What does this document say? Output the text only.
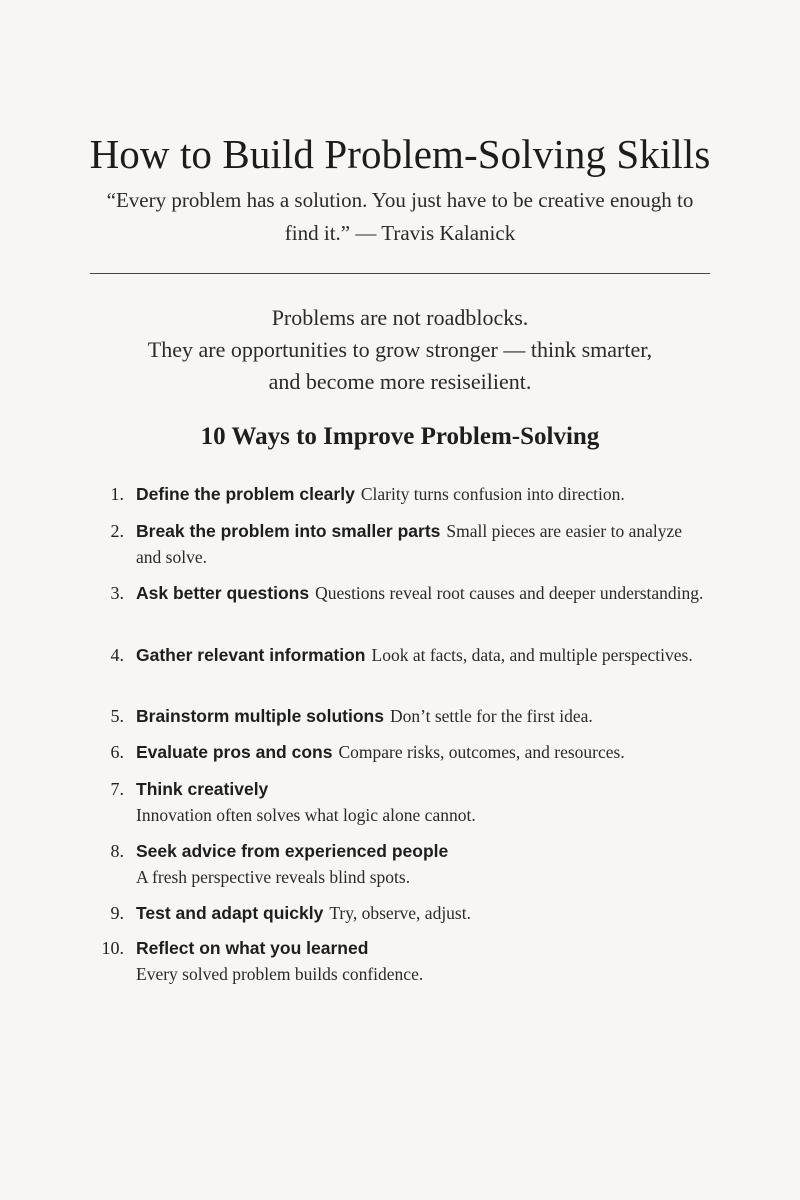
How to Build Problem-Solving Skills

“Every problem has a solution. You just have to be creative enough to find it.” — Travis Kalanick

Problems are not roadblocks.
They are opportunities to grow stronger — think smarter,
and become more resiseilient.
10 Ways to Improve Problem-Solving
1. Define the problem clearly Clarity turns confusion into direction.
2. Break the problem into smaller parts Small pieces are easier to analyze and solve.
3. Ask better questions Questions reveal root causes and deeper understanding.
4. Gather relevant information Look at facts, data, and multiple perspectives.
5. Brainstorm multiple solutions Don’t settle for the first idea.
6. Evaluate pros and cons Compare risks, outcomes, and resources.
7. Think creatively
Innovation often solves what logic alone cannot.
8. Seek advice from experienced people
A fresh perspective reveals blind spots.
9. Test and adapt quickly Try, observe, adjust.
10. Reflect on what you learned
Every solved problem builds confidence.
